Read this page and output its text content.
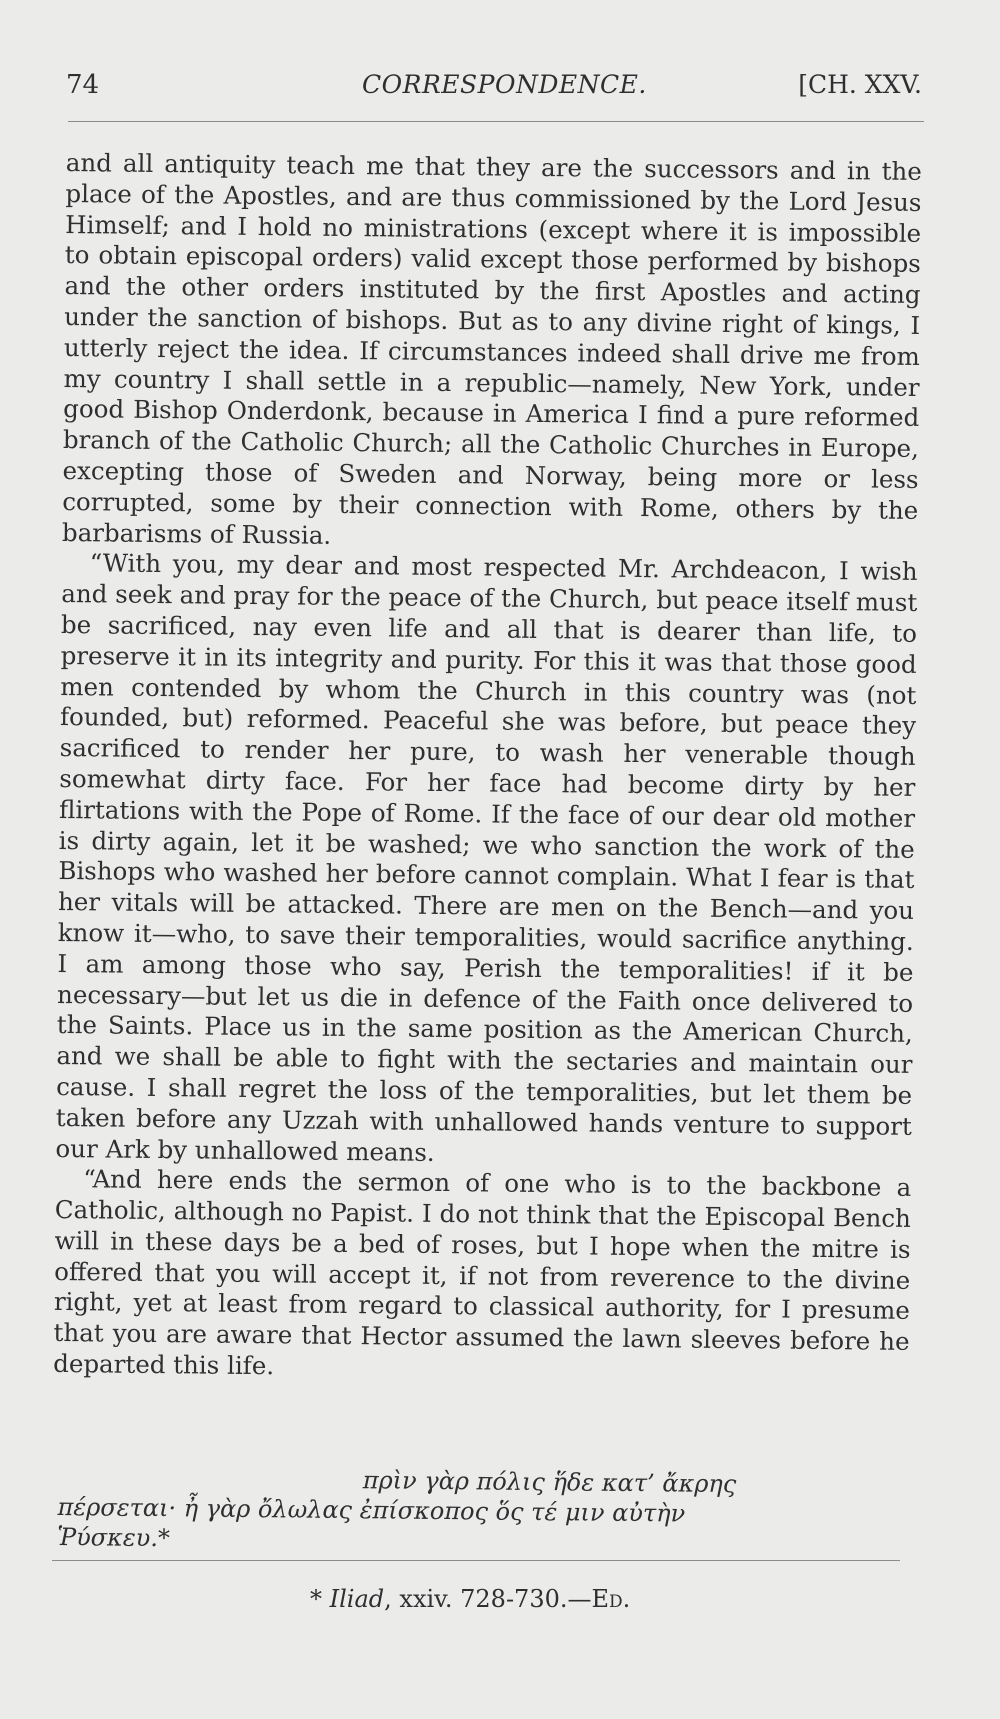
74	CORRESPONDENCE.	[CH. XXV.

and all antiquity teach me that they are the successors and in the place of the Apostles, and are thus commissioned by the Lord Jesus Himself; and I hold no ministrations (except where it is impossible to obtain episcopal orders) valid except those performed by bishops and the other orders instituted by the first Apostles and acting under the sanction of bishops. But as to any divine right of kings, I utterly reject the idea. If circumstances indeed shall drive me from my country I shall settle in a republic—namely, New York, under good Bishop Onderdonk, because in America I find a pure reformed branch of the Catholic Church; all the Catholic Churches in Europe, excepting those of Sweden and Norway, being more or less corrupted, some by their connection with Rome, others by the barbarisms of Russia.

“With you, my dear and most respected Mr. Archdeacon, I wish and seek and pray for the peace of the Church, but peace itself must be sacrificed, nay even life and all that is dearer than life, to preserve it in its integrity and purity. For this it was that those good men contended by whom the Church in this country was (not founded, but) reformed. Peaceful she was before, but peace they sacrificed to render her pure, to wash her venerable though somewhat dirty face. For her face had become dirty by her flirtations with the Pope of Rome. If the face of our dear old mother is dirty again, let it be washed; we who sanction the work of the Bishops who washed her before cannot complain. What I fear is that her vitals will be attacked. There are men on the Bench—and you know it—who, to save their temporalities, would sacrifice anything. I am among those who say, Perish the temporalities! if it be necessary—but let us die in defence of the Faith once delivered to the Saints. Place us in the same position as the American Church, and we shall be able to fight with the sectaries and maintain our cause. I shall regret the loss of the temporalities, but let them be taken before any Uzzah with unhallowed hands venture to support our Ark by unhallowed means.

“And here ends the sermon of one who is to the backbone a Catholic, although no Papist. I do not think that the Episcopal Bench will in these days be a bed of roses, but I hope when the mitre is offered that you will accept it, if not from reverence to the divine right, yet at least from regard to classical authority, for I presume that you are aware that Hector assumed the lawn sleeves before he departed this life.

πρὶν γὰρ πόλις ἥδε κατ’ ἄκρης
πέρσεται· ἦ γὰρ ὄλωλας ἐπίσκοπος ὅς τέ μιν αὐτὴν
Ῥύσκευ.*
* Iliad, xxiv. 728-730.—Ed.
